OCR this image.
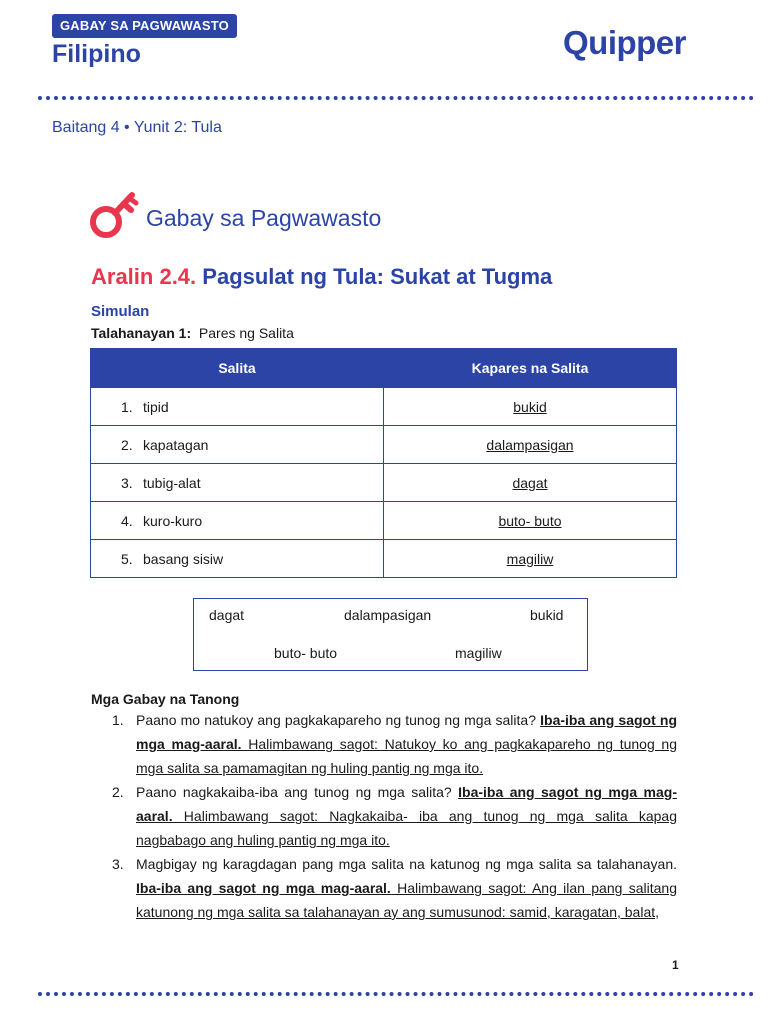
GABAY SA PAGWAWASTO
Filipino	Quipper
Baitang 4 • Yunit 2: Tula
Gabay sa Pagwawasto
Aralin 2.4. Pagsulat ng Tula: Sukat at Tugma
Simulan
Talahanayan 1: Pares ng Salita
Salita	Kapares na Salita
1. tipid	bukid
2. kapatagan	dalampasigan
3. tubig-alat	dagat
4. kuro-kuro	buto- buto
5. basang sisiw	magiliw
dagat	dalampasigan	bukid
buto- buto	magiliw
Mga Gabay na Tanong
1. Paano mo natukoy ang pagkakapareho ng tunog ng mga salita? Iba-iba ang sagot ng mga mag-aaral. Halimbawang sagot: Natukoy ko ang pagkakapareho ng tunog ng mga salita sa pamamagitan ng huling pantig ng mga ito.
2. Paano nagkakaiba-iba ang tunog ng mga salita? Iba-iba ang sagot ng mga mag-aaral. Halimbawang sagot: Nagkakaiba- iba ang tunog ng mga salita kapag nagbabago ang huling pantig ng mga ito.
3. Magbigay ng karagdagan pang mga salita na katunog ng mga salita sa talahanayan. Iba-iba ang sagot ng mga mag-aaral. Halimbawang sagot: Ang ilan pang salitang katunong ng mga salita sa talahanayan ay ang sumusunod: samid, karagatan, balat,
1
